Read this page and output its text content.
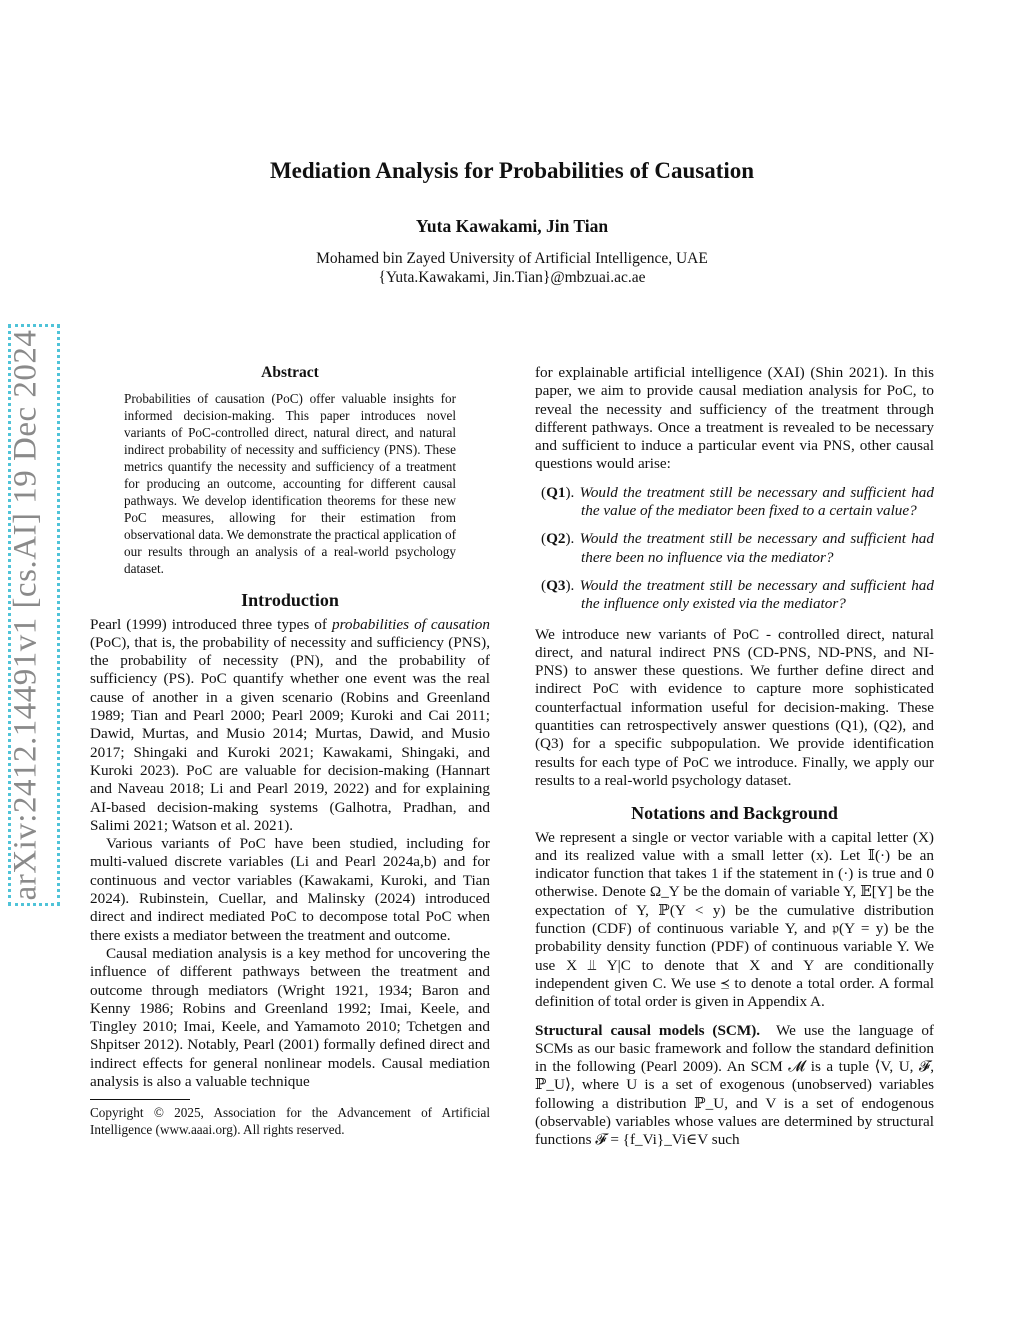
arXiv:2412.14491v1 [cs.AI] 19 Dec 2024
Mediation Analysis for Probabilities of Causation
Yuta Kawakami, Jin Tian
Mohamed bin Zayed University of Artificial Intelligence, UAE
{Yuta.Kawakami, Jin.Tian}@mbzuai.ac.ae
Abstract
Probabilities of causation (PoC) offer valuable insights for informed decision-making. This paper introduces novel variants of PoC-controlled direct, natural direct, and natural indirect probability of necessity and sufficiency (PNS). These metrics quantify the necessity and sufficiency of a treatment for producing an outcome, accounting for different causal pathways. We develop identification theorems for these new PoC measures, allowing for their estimation from observational data. We demonstrate the practical application of our results through an analysis of a real-world psychology dataset.
Introduction

Pearl (1999) introduced three types of probabilities of causation (PoC), that is, the probability of necessity and sufficiency (PNS), the probability of necessity (PN), and the probability of sufficiency (PS). PoC quantify whether one event was the real cause of another in a given scenario (Robins and Greenland 1989; Tian and Pearl 2000; Pearl 2009; Kuroki and Cai 2011; Dawid, Murtas, and Musio 2014; Murtas, Dawid, and Musio 2017; Shingaki and Kuroki 2021; Kawakami, Shingaki, and Kuroki 2023). PoC are valuable for decision-making (Hannart and Naveau 2018; Li and Pearl 2019, 2022) and for explaining AI-based decision-making systems (Galhotra, Pradhan, and Salimi 2021; Watson et al. 2021).

Various variants of PoC have been studied, including for multi-valued discrete variables (Li and Pearl 2024a,b) and for continuous and vector variables (Kawakami, Kuroki, and Tian 2024). Rubinstein, Cuellar, and Malinsky (2024) introduced direct and indirect mediated PoC to decompose total PoC when there exists a mediator between the treatment and outcome.

Causal mediation analysis is a key method for uncovering the influence of different pathways between the treatment and outcome through mediators (Wright 1921, 1934; Baron and Kenny 1986; Robins and Greenland 1992; Imai, Keele, and Tingley 2010; Imai, Keele, and Yamamoto 2010; Tchetgen and Shpitser 2012). Notably, Pearl (2001) formally defined direct and indirect effects for general nonlinear models. Causal mediation analysis is also a valuable technique

Copyright © 2025, Association for the Advancement of Artificial Intelligence (www.aaai.org). All rights reserved.

for explainable artificial intelligence (XAI) (Shin 2021). In this paper, we aim to provide causal mediation analysis for PoC, to reveal the necessity and sufficiency of the treatment through different pathways. Once a treatment is revealed to be necessary and sufficient to induce a particular event via PNS, other causal questions would arise:

(Q1). Would the treatment still be necessary and sufficient had the value of the mediator been fixed to a certain value?
(Q2). Would the treatment still be necessary and sufficient had there been no influence via the mediator?
(Q3). Would the treatment still be necessary and sufficient had the influence only existed via the mediator?

We introduce new variants of PoC - controlled direct, natural direct, and natural indirect PNS (CD-PNS, ND-PNS, and NI-PNS) to answer these questions. We further define direct and indirect PoC with evidence to capture more sophisticated counterfactual information useful for decision-making. These quantities can retrospectively answer questions (Q1), (Q2), and (Q3) for a specific subpopulation. We provide identification results for each type of PoC we introduce. Finally, we apply our results to a real-world psychology dataset.

Notations and Background

We represent a single or vector variable with a capital letter (X) and its realized value with a small letter (x). Let 𝕀(·) be an indicator function that takes 1 if the statement in (·) is true and 0 otherwise. Denote Ω_Y be the domain of variable Y, 𝔼[Y] be the expectation of Y, ℙ(Y < y) be the cumulative distribution function (CDF) of continuous variable Y, and 𝔭(Y = y) be the probability density function (PDF) of continuous variable Y. We use X ⫫ Y|C to denote that X and Y are conditionally independent given C. We use ⪯ to denote a total order. A formal definition of total order is given in Appendix A.

Structural causal models (SCM). We use the language of SCMs as our basic framework and follow the standard definition in the following (Pearl 2009). An SCM 𝓜 is a tuple ⟨V, U, 𝓕, ℙ_U⟩, where U is a set of exogenous (unobserved) variables following a distribution ℙ_U, and V is a set of endogenous (observable) variables whose values are determined by structural functions 𝓕 = {f_Vi}_Vi∈V such
